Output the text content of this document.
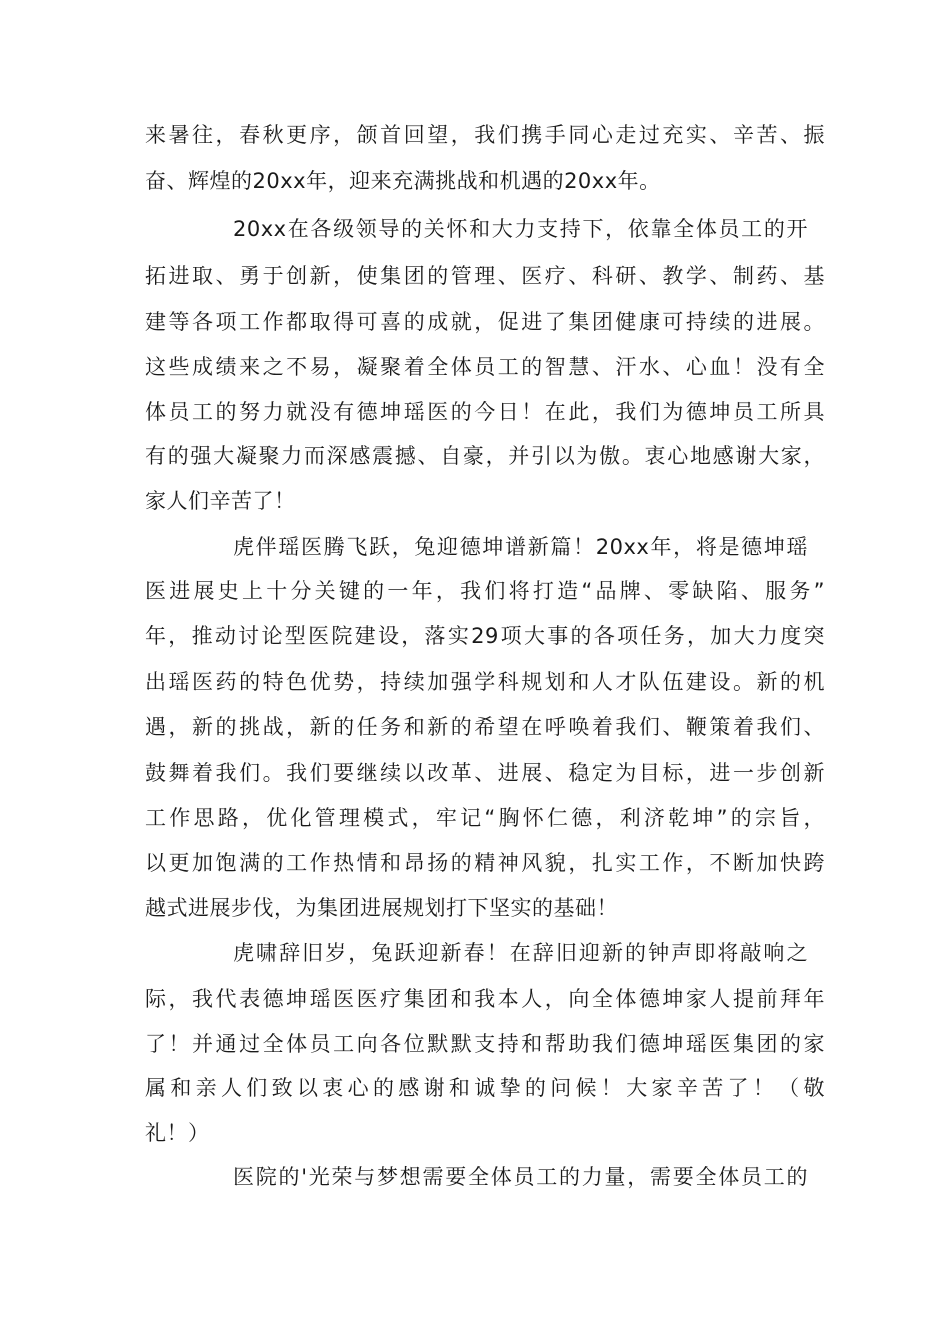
来暑往，春秋更序，颌首回望，我们携手同心走过充实、辛苦、振
奋、辉煌的20xx年，迎来充满挑战和机遇的20xx年。
20xx在各级领导的关怀和大力支持下，依靠全体员工的开
拓进取、勇于创新，使集团的管理、医疗、科研、教学、制药、基
建等各项工作都取得可喜的成就，促进了集团健康可持续的进展。
这些成绩来之不易，凝聚着全体员工的智慧、汗水、心血！没有全
体员工的努力就没有德坤瑶医的今日！在此，我们为德坤员工所具
有的强大凝聚力而深感震撼、自豪，并引以为傲。衷心地感谢大家，
家人们辛苦了！
虎伴瑶医腾飞跃，兔迎德坤谱新篇！20xx年，将是德坤瑶
医进展史上十分关键的一年，我们将打造“品牌、零缺陷、服务”
年，推动讨论型医院建设，落实29项大事的各项任务，加大力度突
出瑶医药的特色优势，持续加强学科规划和人才队伍建设。新的机
遇，新的挑战，新的任务和新的希望在呼唤着我们、鞭策着我们、
鼓舞着我们。我们要继续以改革、进展、稳定为目标，进一步创新
工作思路，优化管理模式，牢记“胸怀仁德，利济乾坤”的宗旨，
以更加饱满的工作热情和昂扬的精神风貌，扎实工作，不断加快跨
越式进展步伐，为集团进展规划打下坚实的基础！
虎啸辞旧岁，兔跃迎新春！在辞旧迎新的钟声即将敲响之
际，我代表德坤瑶医医疗集团和我本人，向全体德坤家人提前拜年
了！并通过全体员工向各位默默支持和帮助我们德坤瑶医集团的家
属和亲人们致以衷心的感谢和诚挚的问候！大家辛苦了！（敬
礼！）
医院的'光荣与梦想需要全体员工的力量，需要全体员工的
